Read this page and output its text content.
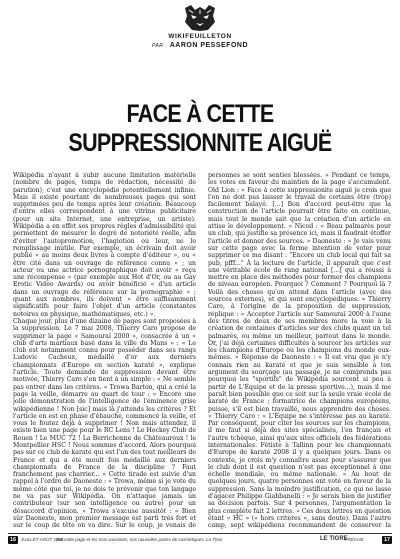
WIKIFEUILLETON
PAR AARON PESSEFOND
FACE À CETTE SUPPRESSIONNITE AIGUË

Wikipédia n'ayant à subir aucune limitation matérielle (nombre de pages, temps de rédaction, nécessité de parution), c'est une encyclopédie potentiellement infinie. Mais il existe pourtant de nombreuses pages qui sont supprimées peu de temps après leur création. Beaucoup d'entre elles correspondent à une vitrine publicitaire (pour un site Internet, une entreprise, un artiste). Wikipédia a en effet ses propres règles d'admissibilité qui permettent de mesurer le degré de notoriété réelle, afin d'éviter l'autopromotion, l'hagiotion ou leur, ne le remplissage inutile. Par exemple, un écrivain doit avoir publié « au moins deux livres à compte d'éditeur », ou « être cité dans un ouvrage de référence connu » ; un acteur ou une actrice pornographique doit avoir « reçu une récompense » (par exemple aux Hot d'Or, ou au Gay Erotic Video Awards) ou avoir bénéficié « d'un article dans un ouvrage de référence sur la pornographie » ; quant aux nombres, ils doivent « être suffisamment significatifs pour faire l'objet d'un article (constantes notoires en physique, mathématiques, etc.) ».

Chaque jour, plus d'une dizaine de pages sont proposées à la suppression. Le 7 mai 2008, Thierry Caro propose de supprimer la page « Samouraï 2000 », consacrée à un « club d'arts martiaux basé dans la ville du Mans » : « Le club est notamment connu pour posséder dans ses rangs Ludovic Cacheux, médaillé d'or aux derniers championnats d'Europe en section karaté », explique l'article. Toute demande de suppression devant être motivée, Thierry Caro s'en tient à un simple : « Ne semble pas entrer dans les critères. » Trowa Barton, qui a créé la page la veille, démarre au quart de tour : « Encore une jolie démonstration de l'intelligence de l'éminence grise wikipédienne ! Non [sic] mais là j'attends les critères ? Et l'article en est en phase d'ébauche, commencé la veille, et vous le foutez déjà à supprimer ! Non mais attendez, il existe bien une page pour le RC Lens ! Le Hockey Club de Rouen ! Le MUC 72 ! La Berrichonne de Châteauroux ! le Montpellier HSC ! Nous sommes d'accord. Alors pourquoi pas sur ce club de karaté qui est l'un des tout meilleurs de France et qui a été moult fois médaillé aux derniers championnats de France de la discipline ? Faut franchement pas charrier... » Cette tirade est suivie d'un rappel à l'ordre de Daoneste : « Trowa, même si je vote du même côté que toi, je ne dois te prévenir que ton langage ne va pas sur Wikipédia. On n'attaque jamais un contributeur (sur son intelligence ou autre) pour un désaccord d'opinion. » Trowa s'excuse aussitôt : « Bien sûr Daoneste, mon premier message est parti très fort et sur le coup de tête on va dire. Sur le coup, je venais de

personnes se sont senties blessées. » Pendant ce temps, les votes en faveur du maintien de la page s'accumulent. Old Lion : « Face à cette suppressionite aiguë je crois que l'on ne doit pas laisser le travail de certains être (trop) facilement balayé. [...] Bon d'accord peut-être que la construction de l'article pourrait être faite en continue, mais tout le monde sait que la création d'un article en attise le développement. » Nicod : « Beau palmarès pour un club, qui justifie sa présence ici, mais il faudrait étoffer l'article et donner des sources. » Daoneste : « Je vais venu sur cette page avec la ferme intention de voter pour supprimer ce ma disant : "Encore un club local qui fait sa pub, pfff..." À la lecture de l'article, il apparaît que c'est une véritable école de rang national [...] qui a réussi à mettre en place des méthodes pour former des champions de niveau européen. Pourquoi ? Comment ? Pourquoi là ? Voilà des choses qu'on attend dans l'article (avec des sources externes), et qui sont encyclopédiques. » Thierry Caro, à l'origine de la proposition de suppression, réplique : « Accepter l'article sur Samouraï 2000 à l'aune des titres de deux de ses membres more la voie à la création de centaines d'articles sur des clubs quant un tel palmarès, ou même un meilleur, partout dans le monde. Or, j'ai déjà certaines difficultés à sourcer les articles sur les champions d'Europe ou les champions du monde eux-mêmes. » Réponse de Daoneste : « Il est vrai que je n'y connais rien au karaté et que je suis sensible à ton argument du sourçage (au passage, je ne comprends pas pourquoi les "sportifs" de Wikipédia sourcent si peu à partir de L'Équipe et de la presse sportive...), mais il me paraît bien possible que ce soit sur la seule vraie école de karaté de France ; formatrice de champions européens, puisse, s'il est bien travaillé, nous apprendre des choses. » Thierry Caro : « L'Équipe ne s'intéresse pas au karaté. Par conséquent, pour citer les sources sur les champions, il me faut si déjà des sites spécialisés, l'en français et l'autre tchèque, ainsi qu'aux sites officiels des fédérations internationales. Fétiste à Tallinn pour les championnats d'Europe de karaté 2008 il y a quelques jours. Dans ce contexte, je crois m'y connaître assez pour s'assurer que le club dont il est question n'est pas exceptionnel à une échelle mondiale, ou même nationale. » Au bout de quelques jours, quatre personnes ont voté en faveur de la suppression. Sans la moindre justification, ce qui ne lasse d'agacer Philippe Giabbanelli : « Je serais bien de justifier sa décision parfois. Sur 4 personnes, l'argumentation la plus complète fait 2 lettres. » Ces deux lettres en question étant « HC » (« hors critères », sans doute). Dans l'autre camp, sept wikipédiens recommandent de conserver la

16	JUILLET-AOÛT 2008
Sur cette page et les trois suivantes, nos nouvelles paires de cosmétiques. Le Tiroir	LE TIGRE
FRÉCHE	17
